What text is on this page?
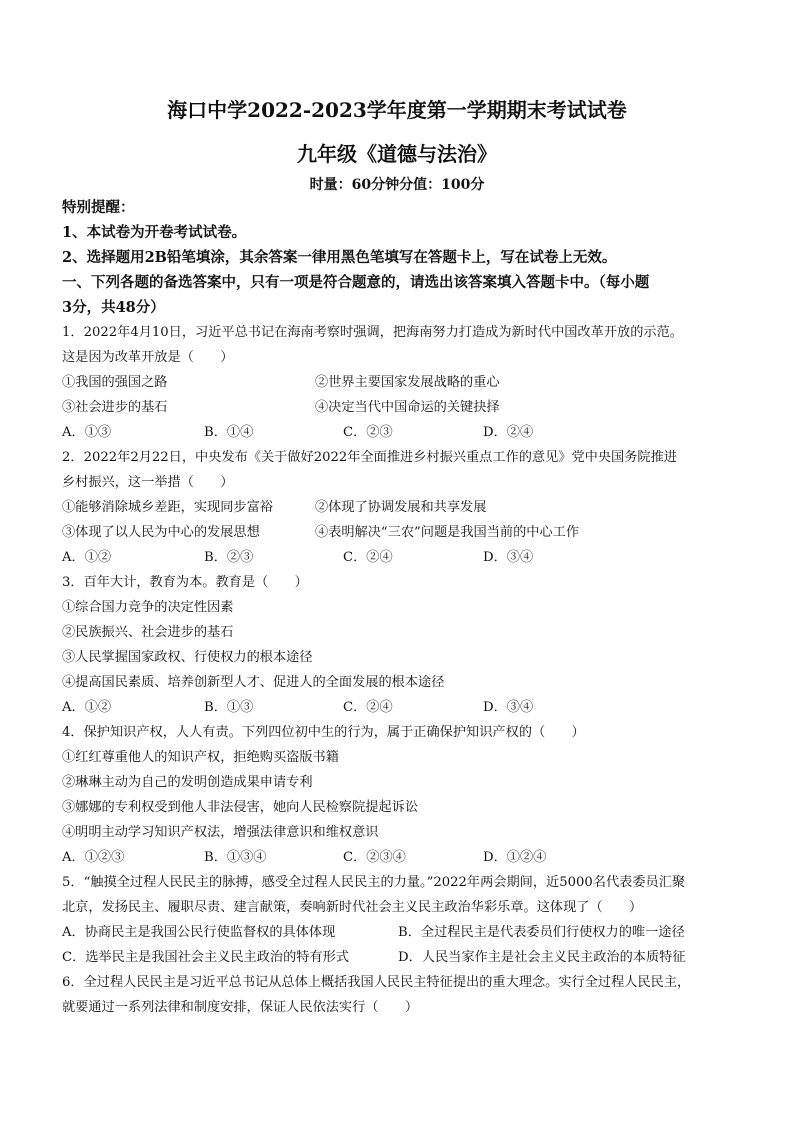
海口中学2022-2023学年度第一学期期末考试试卷
九年级《道德与法治》
时量：60分钟分值：100分
特别提醒：
1、本试卷为开卷考试试卷。
2、选择题用2B铅笔填涂，其余答案一律用黑色笔填写在答题卡上，写在试卷上无效。
一、下列各题的备选答案中，只有一项是符合题意的，请选出该答案填入答题卡中。（每小题
3分，共48分）
1．2022年4月10日，习近平总书记在海南考察时强调，把海南努力打造成为新时代中国改革开放的示范。
这是因为改革开放是（　　）
①我国的强国之路	②世界主要国家发展战略的重心
③社会进步的基石	④决定当代中国命运的关键抉择
A．①③	B．①④	C．②③	D．②④
2．2022年2月22日，中央发布《关于做好2022年全面推进乡村振兴重点工作的意见》党中央国务院推进
乡村振兴，这一举措（　　）
①能够消除城乡差距，实现同步富裕	②体现了协调发展和共享发展
③体现了以人民为中心的发展思想	④表明解决“三农”问题是我国当前的中心工作
A．①②	B．②③	C．②④	D．③④
3．百年大计，教育为本。教育是（　　）
①综合国力竞争的决定性因素
②民族振兴、社会进步的基石
③人民掌握国家政权、行使权力的根本途径
④提高国民素质、培养创新型人才、促进人的全面发展的根本途径
A．①②	B．①③	C．②④	D．③④
4．保护知识产权，人人有责。下列四位初中生的行为，属于正确保护知识产权的（　　）
①红红尊重他人的知识产权，拒绝购买盗版书籍
②琳琳主动为自己的发明创造成果申请专利
③娜娜的专利权受到他人非法侵害，她向人民检察院提起诉讼
④明明主动学习知识产权法，增强法律意识和维权意识
A．①②③	B．①③④	C．②③④	D．①②④
5．“触摸全过程人民民主的脉搏，感受全过程人民民主的力量。”2022年两会期间，近5000名代表委员汇聚
北京，发扬民主、履职尽责、建言献策，奏响新时代社会主义民主政治华彩乐章。这体现了（　　）
A．协商民主是我国公民行使监督权的具体体现	B．全过程民主是代表委员们行使权力的唯一途径
C．选举民主是我国社会主义民主政治的特有形式	D．人民当家作主是社会主义民主政治的本质特征
6．全过程人民民主是习近平总书记从总体上概括我国人民民主特征提出的重大理念。实行全过程人民民主，
就要通过一系列法律和制度安排，保证人民依法实行（　　）
